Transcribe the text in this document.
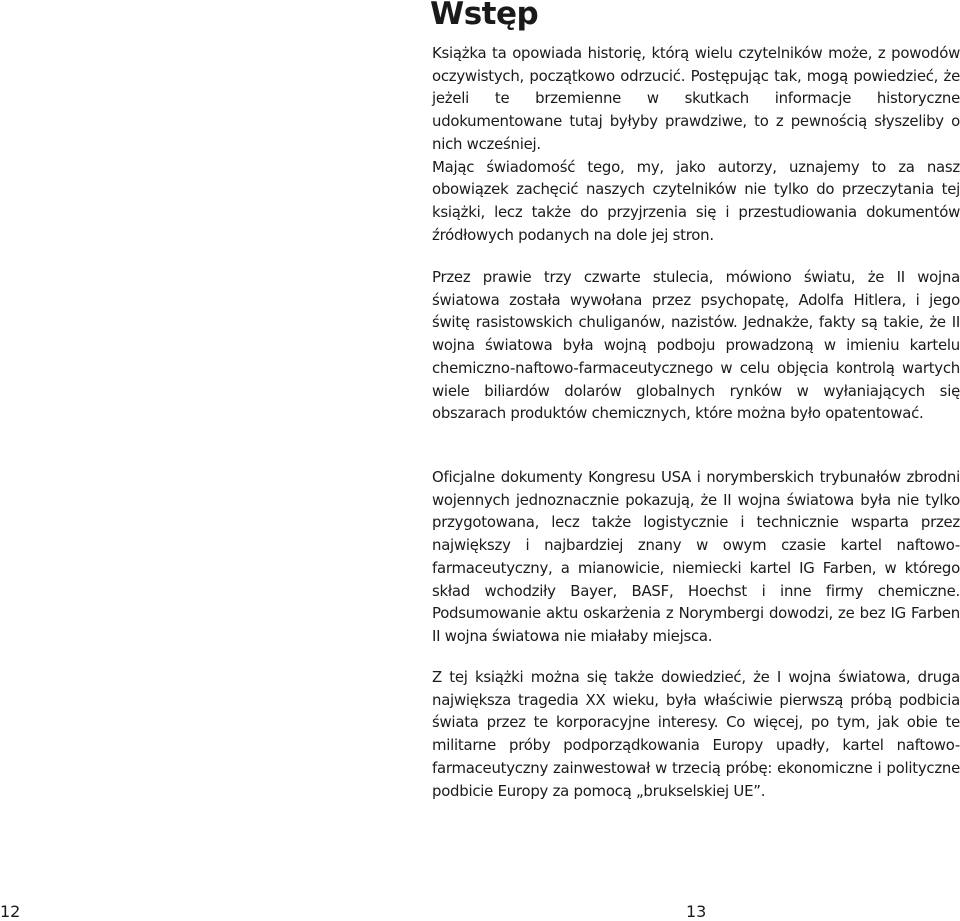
Wstęp

Książka ta opowiada historię, którą wielu czytelników może, z powodów oczywistych, początkowo odrzucić. Postępując tak, mogą powiedzieć, że jeżeli te brzemienne w skutkach informacje historyczne udokumentowane tutaj byłyby prawdziwe, to z pewnością słyszeliby o nich wcześniej.

Mając świadomość tego, my, jako autorzy, uznajemy to za nasz obowiązek zachęcić naszych czytelników nie tylko do przeczytania tej książki, lecz także do przyjrzenia się i przestudiowania dokumentów źródłowych podanych na dole jej stron.

Przez prawie trzy czwarte stulecia, mówiono światu, że II wojna światowa została wywołana przez psychopatę, Adolfa Hitlera, i jego świtę rasistowskich chuliganów, nazistów. Jednakże, fakty są takie, że II wojna światowa była wojną podboju prowadzoną w imieniu kartelu chemiczno-naftowo-farmaceutycznego w celu objęcia kontrolą wartych wiele biliardów dolarów globalnych rynków w wyłaniających się obszarach produktów chemicznych, które można było opatentować.

Oficjalne dokumenty Kongresu USA i norymberskich trybunałów zbrodni wojennych jednoznacznie pokazują, że II wojna światowa była nie tylko przygotowana, lecz także logistycznie i technicznie wsparta przez największy i najbardziej znany w owym czasie kartel naftowo-farmaceutyczny, a mianowicie, niemiecki kartel IG Farben, w którego skład wchodziły Bayer, BASF, Hoechst i inne firmy chemiczne. Podsumowanie aktu oskarżenia z Norymbergi dowodzi, ze bez IG Farben II wojna światowa nie miałaby miejsca.

Z tej książki można się także dowiedzieć, że I wojna światowa, druga największa tragedia XX wieku, była właściwie pierwszą próbą podbicia świata przez te korporacyjne interesy. Co więcej, po tym, jak obie te militarne próby podporządkowania Europy upadły, kartel naftowo-farmaceutyczny zainwestował w trzecią próbę: ekonomiczne i polityczne podbicie Europy za pomocą „brukselskiej UE”.

12	13
